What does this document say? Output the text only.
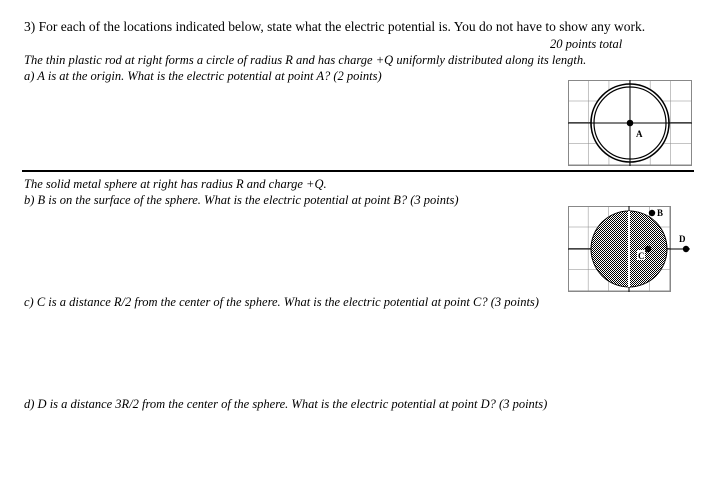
3) For each of the locations indicated below, state what the electric potential is. You do not have to show any work.
20 points total
The thin plastic rod at right forms a circle of radius R and has charge +Q uniformly distributed along its length.
a) A is at the origin. What is the electric potential at point A? (2 points)
A
The solid metal sphere at right has radius R and charge +Q.
b) B is on the surface of the sphere. What is the electric potential at point B? (3 points)
B
C
D
c) C is a distance R/2 from the center of the sphere. What is the electric potential at point C? (3 points)
d) D is a distance 3R/2 from the center of the sphere. What is the electric potential at point D? (3 points)
